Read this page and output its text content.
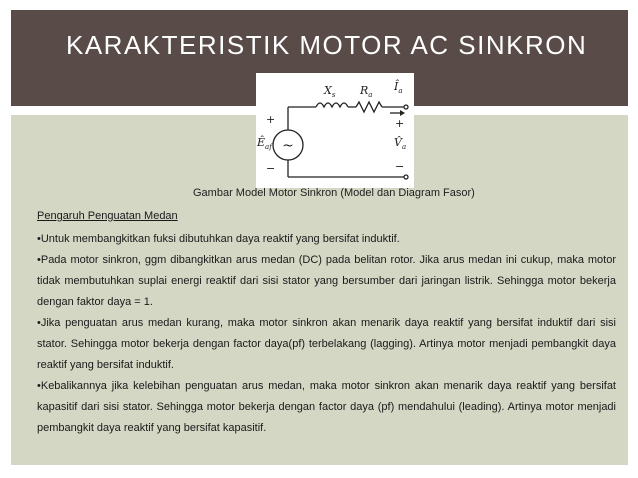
KARAKTERISTIK MOTOR AC SINKRON
~
$X_s$ $R_a$
$Î_a$
$Ê_{af}$	$V̂_a$
+
−
+
−
Gambar Model Motor Sinkron (Model dan Diagram Fasor)
Pengaruh Penguatan Medan

•Untuk membangkitkan fuksi dibutuhkan daya reaktif yang bersifat induktif.

•Pada motor sinkron, ggm dibangkitkan arus medan (DC) pada belitan rotor. Jika arus medan ini cukup, maka motor tidak membutuhkan suplai energi reaktif dari sisi stator yang bersumber dari jaringan listrik. Sehingga motor bekerja dengan faktor daya = 1.

•Jika penguatan arus medan kurang, maka motor sinkron akan menarik daya reaktif yang bersifat induktif dari sisi stator. Sehingga motor bekerja dengan factor daya(pf) terbelakang (lagging). Artinya motor menjadi pembangkit daya reaktif yang bersifat induktif.

•Kebalikannya jika kelebihan penguatan arus medan, maka motor sinkron akan menarik daya reaktif yang bersifat kapasitif dari sisi stator. Sehingga motor bekerja dengan factor daya (pf) mendahului (leading). Artinya motor menjadi pembangkit daya reaktif yang bersifat kapasitif.
